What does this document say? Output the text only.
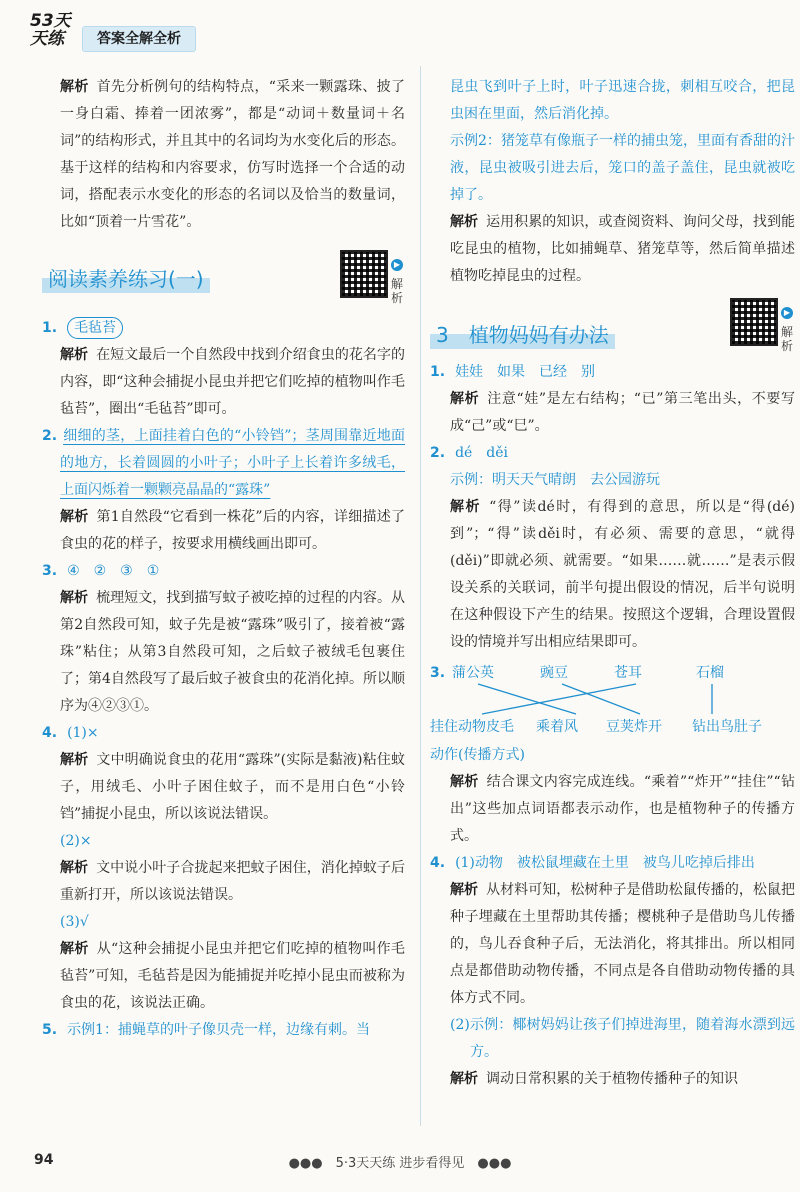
53天天练	答案全解全析

解析 首先分析例句的结构特点，“采来一颗露珠、披了一身白霜、捧着一团浓雾”，都是“动词＋数量词＋名词”的结构形式，并且其中的名词均为水变化后的形态。基于这样的结构和内容要求，仿写时选择一个合适的动词，搭配表示水变化的形态的名词以及恰当的数量词，比如“顶着一片雪花”。

阅读素养练习(一)
▶
解析

1. 毛毡苔

解析 在短文最后一个自然段中找到介绍食虫的花名字的内容，即“这种会捕捉小昆虫并把它们吃掉的植物叫作毛毡苔”，圈出“毛毡苔”即可。

2. 细细的茎，上面挂着白色的“小铃铛”；茎周围靠近地面的地方，长着圆圆的小叶子；小叶子上长着许多绒毛，上面闪烁着一颗颗亮晶晶的“露珠”

解析 第1自然段“它看到一株花”后的内容，详细描述了食虫的花的样子，按要求用横线画出即可。

3. ④　②　③　①

解析 梳理短文，找到描写蚊子被吃掉的过程的内容。从第2自然段可知，蚊子先是被“露珠”吸引了，接着被“露珠”粘住；从第3自然段可知，之后蚊子被绒毛包裹住了；第4自然段写了最后蚊子被食虫的花消化掉。所以顺序为④②③①。

4. (1)×

解析 文中明确说食虫的花用“露珠”(实际是黏液)粘住蚊子，用绒毛、小叶子困住蚊子，而不是用白色“小铃铛”捕捉小昆虫，所以该说法错误。

(2)×

解析 文中说小叶子合拢起来把蚊子困住，消化掉蚊子后重新打开，所以该说法错误。

(3)√

解析 从“这种会捕捉小昆虫并把它们吃掉的植物叫作毛毡苔”可知，毛毡苔是因为能捕捉并吃掉小昆虫而被称为食虫的花，该说法正确。

5. 示例1：捕蝇草的叶子像贝壳一样，边缘有刺。当

昆虫飞到叶子上时，叶子迅速合拢，刺相互咬合，把昆虫困在里面，然后消化掉。

示例2：猪笼草有像瓶子一样的捕虫笼，里面有香甜的汁液，昆虫被吸引进去后，笼口的盖子盖住，昆虫就被吃掉了。

解析 运用积累的知识，或查阅资料、询问父母，找到能吃昆虫的植物，比如捕蝇草、猪笼草等，然后简单描述植物吃掉昆虫的过程。

3　 植物妈妈有办法
▶
解析

1. 娃娃　如果　已经　别

解析 注意“娃”是左右结构；“已”第三笔出头，不要写成“己”或“巳”。

2. dé　děi

示例：明天天气晴朗　去公园游玩

解析 “得”读dé时，有得到的意思，所以是“得(dé)到”；“得”读děi时，有必须、需要的意思，“就得(děi)”即就必须、就需要。“如果……就……”是表示假设关系的关联词，前半句提出假设的情况，后半句说明在这种假设下产生的结果。按照这个逻辑，合理设置假设的情境并写出相应结果即可。

3. 蒲公英	豌豆	苍耳	石榴
挂住动物皮毛 乘着风 豆荚炸开 钻出鸟肚子

动作(传播方式)

解析 结合课文内容完成连线。“乘着”“炸开”“挂住”“钻出”这些加点词语都表示动作，也是植物种子的传播方式。

4. (1)动物　被松鼠埋藏在土里　被鸟儿吃掉后排出

解析 从材料可知，松树种子是借助松鼠传播的，松鼠把种子埋藏在土里帮助其传播；樱桃种子是借助鸟儿传播的，鸟儿吞食种子后，无法消化，将其排出。所以相同点是都借助动物传播，不同点是各自借助动物传播的具体方式不同。

(2)示例：椰树妈妈让孩子们掉进海里，随着海水漂到远方。

解析 调动日常积累的关于植物传播种子的知识

94	●●●　5·3天天练 进步看得见　●●●
